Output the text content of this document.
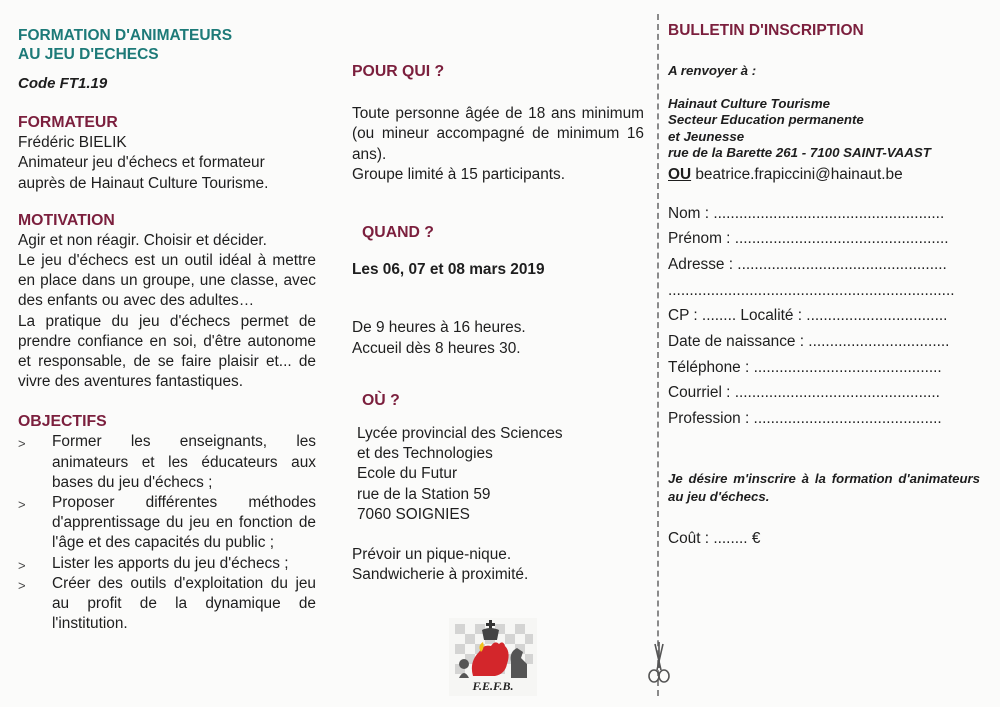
FORMATION D'ANIMATEURS
AU JEU D'ECHECS
Code FT1.19
FORMATEUR
Frédéric BIELIK
Animateur jeu d'échecs et formateur auprès de Hainaut Culture Tourisme.
MOTIVATION
Agir et non réagir. Choisir et décider.
Le jeu d'échecs est un outil idéal à mettre en place dans un groupe, une classe, avec des enfants ou avec des adultes…
La pratique du jeu d'échecs permet de prendre confiance en soi, d'être autonome et responsable, de se faire plaisir et... de vivre des aventures fantastiques.
OBJECTIFS
> Former les enseignants, les animateurs et les éducateurs aux bases du jeu d'échecs ;
> Proposer différentes méthodes d'apprentissage du jeu en fonction de l'âge et des capacités du public ;
> Lister les apports du jeu d'échecs ;
> Créer des outils d'exploitation du jeu au profit de la dynamique de l'institution.
POUR QUI ?
Toute personne âgée de 18 ans minimum (ou mineur accompagné de minimum 16 ans).
Groupe limité à 15 participants.
QUAND ?
Les 06, 07 et 08 mars 2019
De 9 heures à 16 heures.
Accueil dès 8 heures 30.
OÙ ?
Lycée provincial des Sciences
et des Technologies
Ecole du Futur
rue de la Station 59
7060 SOIGNIES
Prévoir un pique-nique.
Sandwicherie à proximité.
F.E.F.B.
BULLETIN D'INSCRIPTION
A renvoyer à :
Hainaut Culture Tourisme
Secteur Education permanente
et Jeunesse
rue de la Barette 261 - 7100 SAINT-VAAST
OU beatrice.frapiccini@hainaut.be
Nom : ......................................................
Prénom : ..................................................
Adresse : .................................................
...................................................................
CP : ........ Localité : .................................
Date de naissance : .................................
Téléphone : ............................................
Courriel : ................................................
Profession : ............................................
Je désire m'inscrire à la formation d'animateurs au jeu d'échecs.
Coût : ........ €
